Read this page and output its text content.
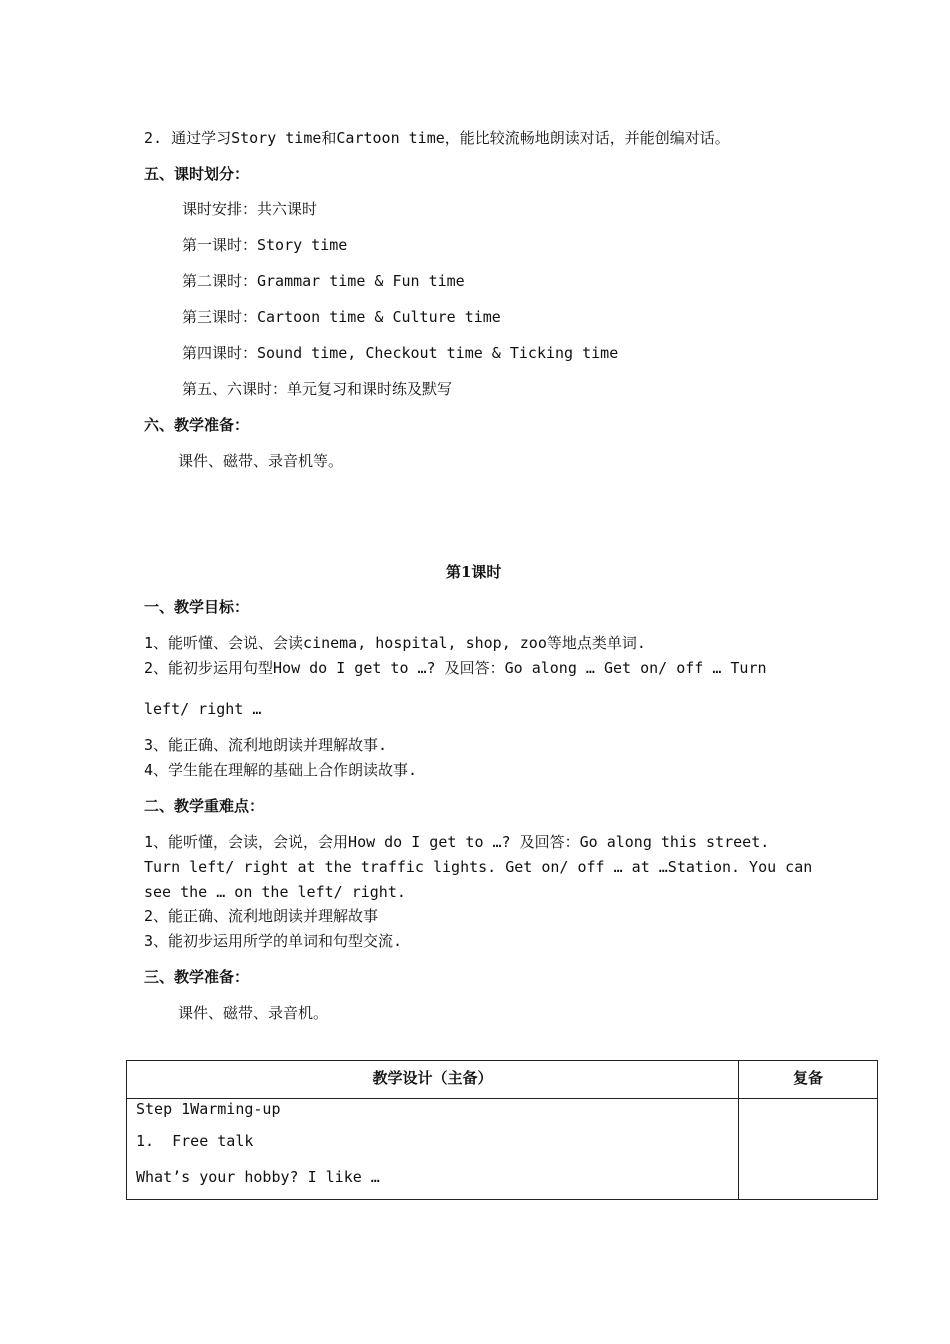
2. 通过学习Story time和Cartoon time，能比较流畅地朗读对话，并能创编对话。
五、课时划分：
课时安排：共六课时
第一课时：Story time
第二课时：Grammar time & Fun time
第三课时：Cartoon time & Culture time
第四课时：Sound time, Checkout time & Ticking time
第五、六课时：单元复习和课时练及默写
六、教学准备：
课件、磁带、录音机等。
第1课时
一、教学目标：
1、能听懂、会说、会读cinema, hospital, shop, zoo等地点类单词.
2、能初步运用句型How do I get to …? 及回答：Go along … Get on/ off … Turn
left/ right …
3、能正确、流利地朗读并理解故事.
4、学生能在理解的基础上合作朗读故事.
二、教学重难点：
1、能听懂，会读，会说，会用How do I get to …? 及回答：Go along this street.
Turn left/ right at the traffic lights. Get on/ off … at …Station. You can
see the … on the left/ right.
2、能正确、流利地朗读并理解故事
3、能初步运用所学的单词和句型交流.
三、教学准备：
课件、磁带、录音机。
教学设计（主备）	复备

Step 1Warming-up
1.  Free talk
What’s your hobby? I like …	
